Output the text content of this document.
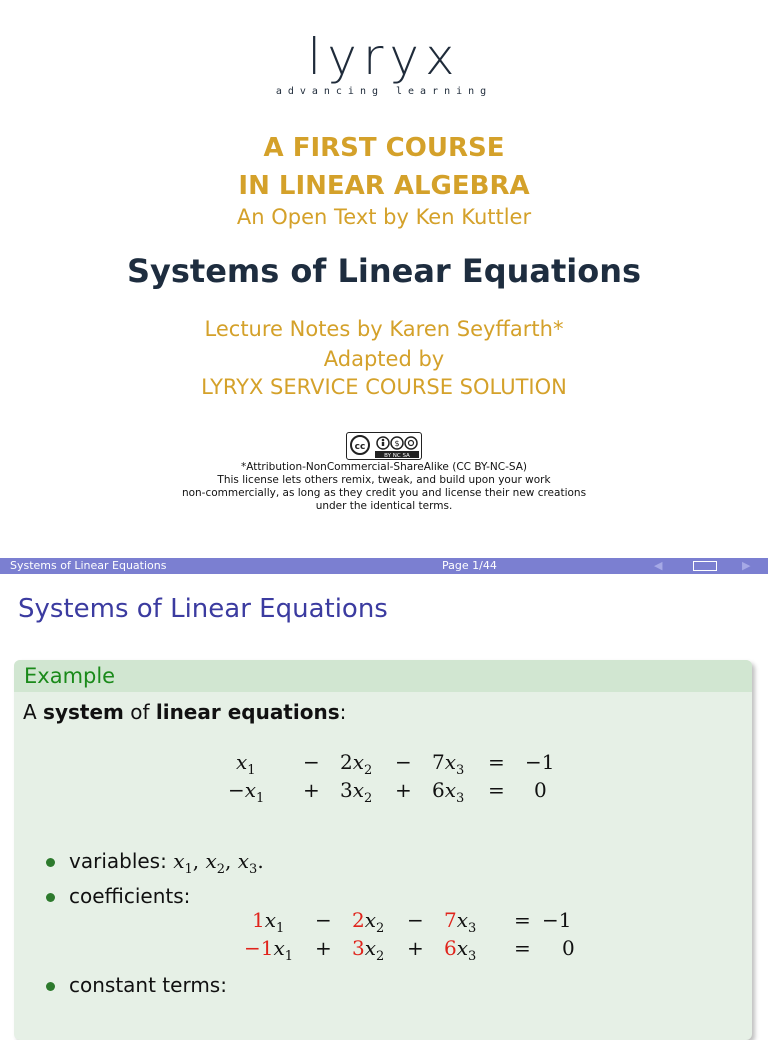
lyryx
advancing learning
A FIRST COURSE
IN LINEAR ALGEBRA
An Open Text by Ken Kuttler
Systems of Linear Equations
Lecture Notes by Karen Seyffarth*
Adapted by
LYRYX SERVICE COURSE SOLUTION
cc	$
BY NC SA
*Attribution-NonCommercial-ShareAlike (CC BY-NC-SA)
This license lets others remix, tweak, and build upon your work
non-commercially, as long as they credit you and license their new creations
under the identical terms.
Systems of Linear Equations	Page 1/44	◀	▶
Systems of Linear Equations
Example
A system of linear equations:
$x_1 - 2x_2 - 7x_3 = -1$
$-x_1 + 3x_2 + 6x_3 = 0$
variables: $x_1$, $x_2$, $x_3$.
coefficients:
$1x_1 - 2x_2 - 7x_3 = -1$
$-1x_1 + 3x_2 + 6x_3 = 0$
constant terms:
